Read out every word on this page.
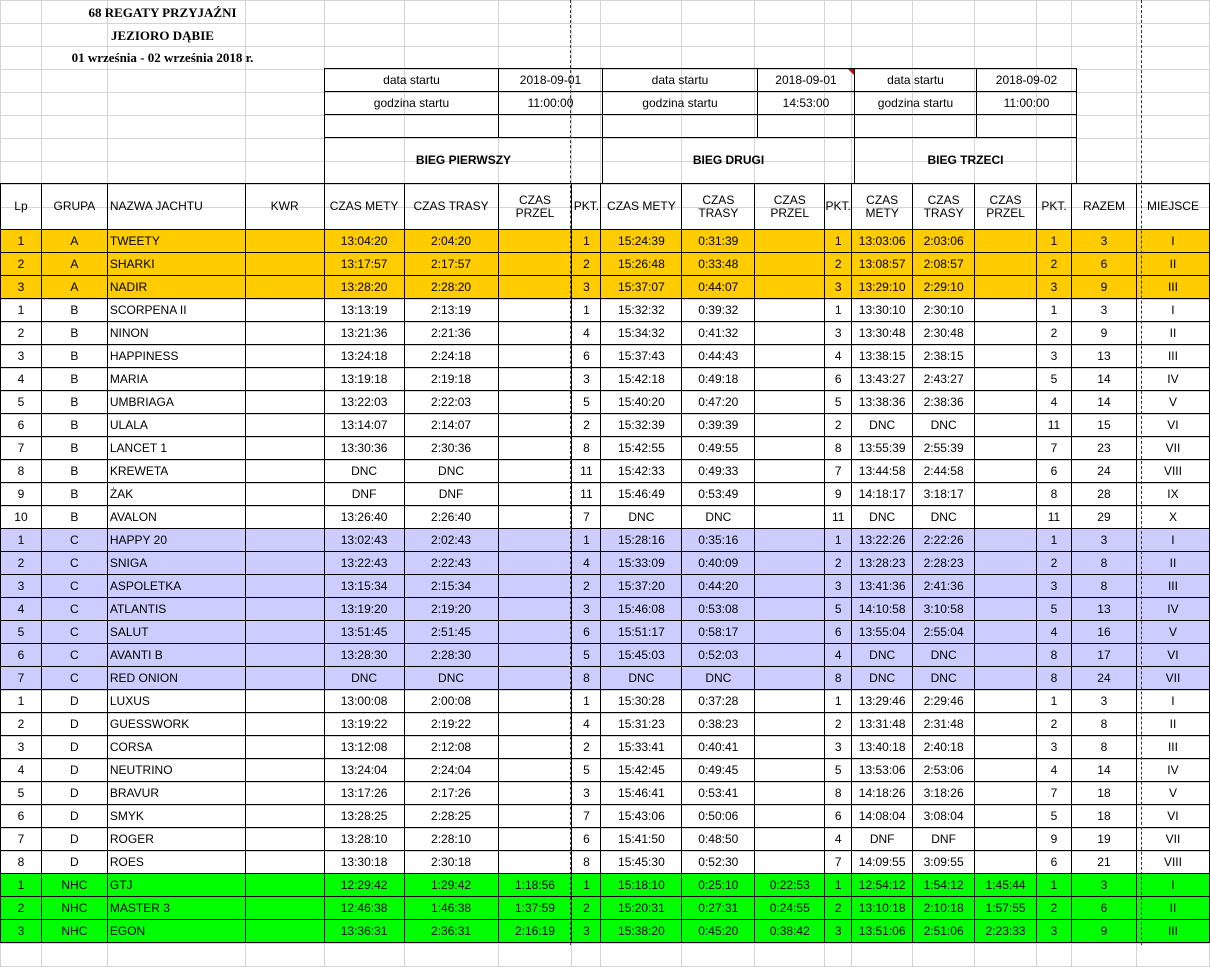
68 REGATY PRZYJAŹNI
JEZIORO DĄBIE
01 września - 02 września 2018 r.
data startu	2018-09-01	data startu	2018-09-01	data startu	2018-09-02
godzina startu	11:00:00	godzina startu	14:53:00	godzina startu	11:00:00

BIEG PIERWSZY	BIEG DRUGI	BIEG TRZECI
Lp	GRUPA	NAZWA JACHTU	KWR	CZAS METY	CZAS TRASY	CZAS PRZEL	PKT.	CZAS METY	CZAS TRASY	CZAS PRZEL	PKT.	CZAS METY	CZAS TRASY	CZAS PRZEL	PKT.	RAZEM	MIEJSCE
1	A	TWEETY		13:04:20	2:04:20		1	15:24:39	0:31:39		1	13:03:06	2:03:06		1	3	I
2	A	SHARKI		13:17:57	2:17:57		2	15:26:48	0:33:48		2	13:08:57	2:08:57		2	6	II
3	A	NADIR		13:28:20	2:28:20		3	15:37:07	0:44:07		3	13:29:10	2:29:10		3	9	III
1	B	SCORPENA II		13:13:19	2:13:19		1	15:32:32	0:39:32		1	13:30:10	2:30:10		1	3	I
2	B	NINON		13:21:36	2:21:36		4	15:34:32	0:41:32		3	13:30:48	2:30:48		2	9	II
3	B	HAPPINESS		13:24:18	2:24:18		6	15:37:43	0:44:43		4	13:38:15	2:38:15		3	13	III
4	B	MARIA		13:19:18	2:19:18		3	15:42:18	0:49:18		6	13:43:27	2:43:27		5	14	IV
5	B	UMBRIAGA		13:22:03	2:22:03		5	15:40:20	0:47:20		5	13:38:36	2:38:36		4	14	V
6	B	ULALA		13:14:07	2:14:07		2	15:32:39	0:39:39		2	DNC	DNC		11	15	VI
7	B	LANCET 1		13:30:36	2:30:36		8	15:42:55	0:49:55		8	13:55:39	2:55:39		7	23	VII
8	B	KREWETA		DNC	DNC		11	15:42:33	0:49:33		7	13:44:58	2:44:58		6	24	VIII
9	B	ŻAK		DNF	DNF		11	15:46:49	0:53:49		9	14:18:17	3:18:17		8	28	IX
10	B	AVALON		13:26:40	2:26:40		7	DNC	DNC		11	DNC	DNC		11	29	X
1	C	HAPPY 20		13:02:43	2:02:43		1	15:28:16	0:35:16		1	13:22:26	2:22:26		1	3	I
2	C	SNIGA		13:22:43	2:22:43		4	15:33:09	0:40:09		2	13:28:23	2:28:23		2	8	II
3	C	ASPOLETKA		13:15:34	2:15:34		2	15:37:20	0:44:20		3	13:41:36	2:41:36		3	8	III
4	C	ATLANTIS		13:19:20	2:19:20		3	15:46:08	0:53:08		5	14:10:58	3:10:58		5	13	IV
5	C	SALUT		13:51:45	2:51:45		6	15:51:17	0:58:17		6	13:55:04	2:55:04		4	16	V
6	C	AVANTI B		13:28:30	2:28:30		5	15:45:03	0:52:03		4	DNC	DNC		8	17	VI
7	C	RED ONION		DNC	DNC		8	DNC	DNC		8	DNC	DNC		8	24	VII
1	D	LUXUS		13:00:08	2:00:08		1	15:30:28	0:37:28		1	13:29:46	2:29:46		1	3	I
2	D	GUESSWORK		13:19:22	2:19:22		4	15:31:23	0:38:23		2	13:31:48	2:31:48		2	8	II
3	D	CORSA		13:12:08	2:12:08		2	15:33:41	0:40:41		3	13:40:18	2:40:18		3	8	III
4	D	NEUTRINO		13:24:04	2:24:04		5	15:42:45	0:49:45		5	13:53:06	2:53:06		4	14	IV
5	D	BRAVUR		13:17:26	2:17:26		3	15:46:41	0:53:41		8	14:18:26	3:18:26		7	18	V
6	D	SMYK		13:28:25	2:28:25		7	15:43:06	0:50:06		6	14:08:04	3:08:04		5	18	VI
7	D	ROGER		13:28:10	2:28:10		6	15:41:50	0:48:50		4	DNF	DNF		9	19	VII
8	D	ROES		13:30:18	2:30:18		8	15:45:30	0:52:30		7	14:09:55	3:09:55		6	21	VIII
1	NHC	GTJ		12:29:42	1:29:42	1:18:56	1	15:18:10	0:25:10	0:22:53	1	12:54:12	1:54:12	1:45:44	1	3	I
2	NHC	MASTER 3		12:46:38	1:46:38	1:37:59	2	15:20:31	0:27:31	0:24:55	2	13:10:18	2:10:18	1:57:55	2	6	II
3	NHC	EGON		13:36:31	2:36:31	2:16:19	3	15:38:20	0:45:20	0:38:42	3	13:51:06	2:51:06	2:23:33	3	9	III
